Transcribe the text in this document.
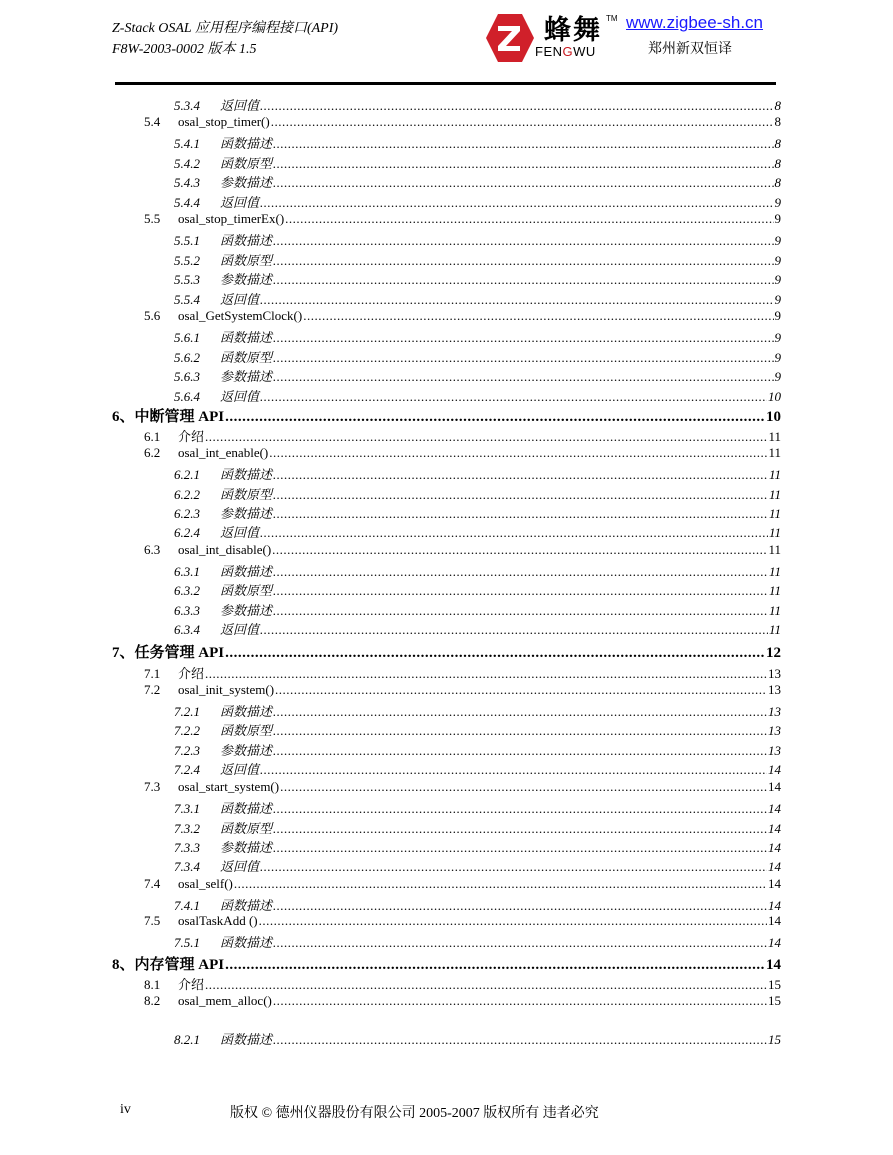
Z-Stack OSAL 应用程序编程接口(API)
F8W-2003-0002 版本 1.5
蜂舞 TM
FENGWU
www.zigbee-sh.cn
郑州新双恒译
5.3.4	返回值 .....	8
5.4	osal_stop_timer() .....	8
5.4.1	函数描述 .....	8
5.4.2	函数原型 .....	8
5.4.3	参数描述 .....	8
5.4.4	返回值 .....	9
5.5	osal_stop_timerEx() .....	9
5.5.1	函数描述 .....	9
5.5.2	函数原型 .....	9
5.5.3	参数描述 .....	9
5.5.4	返回值 .....	9
5.6	osal_GetSystemClock() .....	9
5.6.1	函数描述 .....	9
5.6.2	函数原型 .....	9
5.6.3	参数描述 .....	9
5.6.4	返回值 .....	10
6、中断管理 API .....	10
6.1	介绍 .....	11
6.2	osal_int_enable() .....	11
6.2.1	函数描述 .....	11
6.2.2	函数原型 .....	11
6.2.3	参数描述 .....	11
6.2.4	返回值 .....	11
6.3	osal_int_disable() .....	11
6.3.1	函数描述 .....	11
6.3.2	函数原型 .....	11
6.3.3	参数描述 .....	11
6.3.4	返回值 .....	11
7、任务管理 API .....	12
7.1	介绍 .....	13
7.2	osal_init_system() .....	13
7.2.1	函数描述 .....	13
7.2.2	函数原型 .....	13
7.2.3	参数描述 .....	13
7.2.4	返回值 .....	14
7.3	osal_start_system() .....	14
7.3.1	函数描述 .....	14
7.3.2	函数原型 .....	14
7.3.3	参数描述 .....	14
7.3.4	返回值 .....	14
7.4	osal_self() .....	14
7.4.1	函数描述 .....	14
7.5	osalTaskAdd () .....	14
7.5.1	函数描述 .....	14
8、内存管理 API .....	14
8.1	介绍 .....	15
8.2	osal_mem_alloc() .....	15
8.2.1	函数描述 .....	15
iv	版权 © 德州仪器股份有限公司 2005-2007 版权所有 违者必究
